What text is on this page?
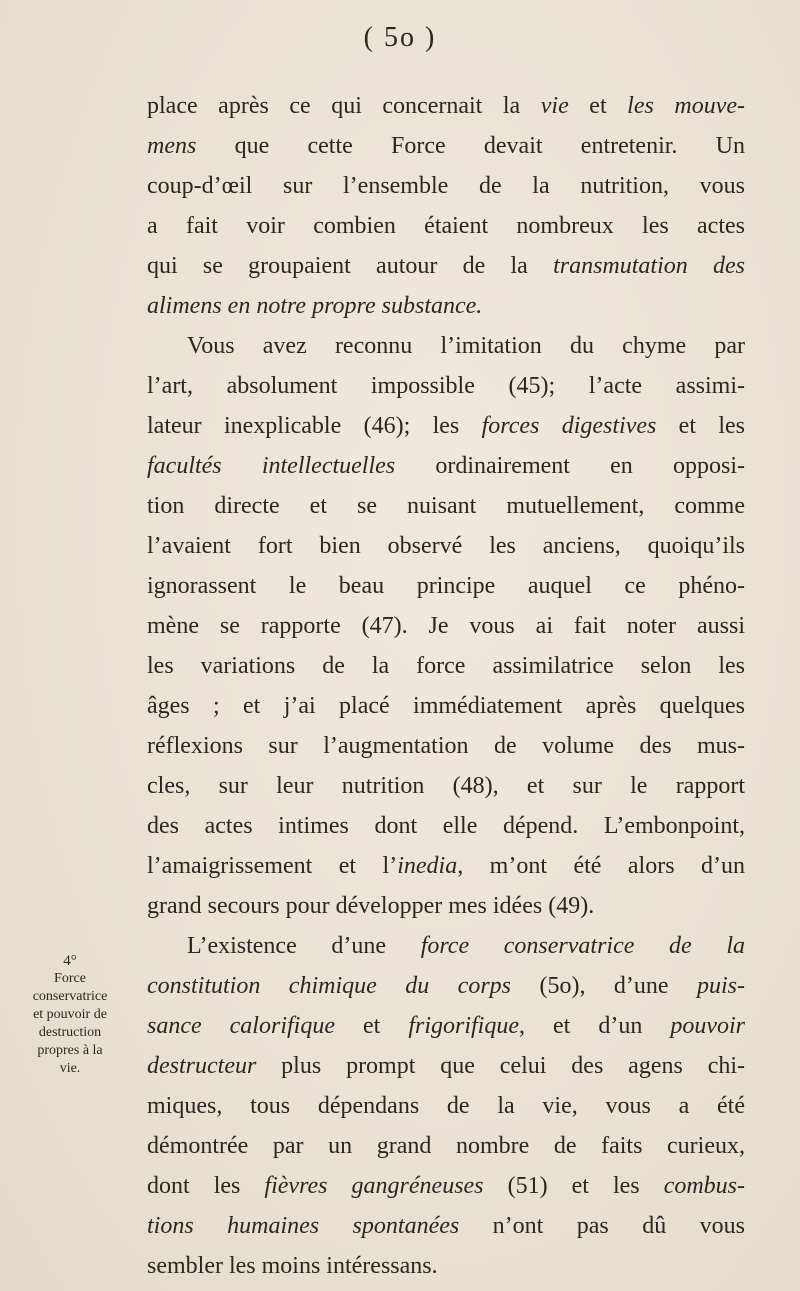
( 5o )
place après ce qui concernait la vie et les mouve-
mens que cette Force devait entretenir. Un
coup-d’œil sur l’ensemble de la nutrition, vous
a fait voir combien étaient nombreux les actes
qui se groupaient autour de la transmutation des
alimens en notre propre substance.
Vous avez reconnu l’imitation du chyme par
l’art, absolument impossible (45); l’acte assimi-
lateur inexplicable (46); les forces digestives et les
facultés intellectuelles ordinairement en opposi-
tion directe et se nuisant mutuellement, comme
l’avaient fort bien observé les anciens, quoiqu’ils
ignorassent le beau principe auquel ce phéno-
mène se rapporte (47). Je vous ai fait noter aussi
les variations de la force assimilatrice selon les
âges ; et j’ai placé immédiatement après quelques
réflexions sur l’augmentation de volume des mus-
cles, sur leur nutrition (48), et sur le rapport
des actes intimes dont elle dépend. L’embonpoint,
l’amaigrissement et l’inedia, m’ont été alors d’un
grand secours pour développer mes idées (49).
L’existence d’une force conservatrice de la
constitution chimique du corps (5o), d’une puis-
sance calorifique et frigorifique, et d’un pouvoir
destructeur plus prompt que celui des agens chi-
miques, tous dépendans de la vie, vous a été
démontrée par un grand nombre de faits curieux,
dont les fièvres gangréneuses (51) et les combus-
tions humaines spontanées n’ont pas dû vous
sembler les moins intéressans.
4°
Force
conservatrice
et pouvoir de
destruction
propres à la
vie.
